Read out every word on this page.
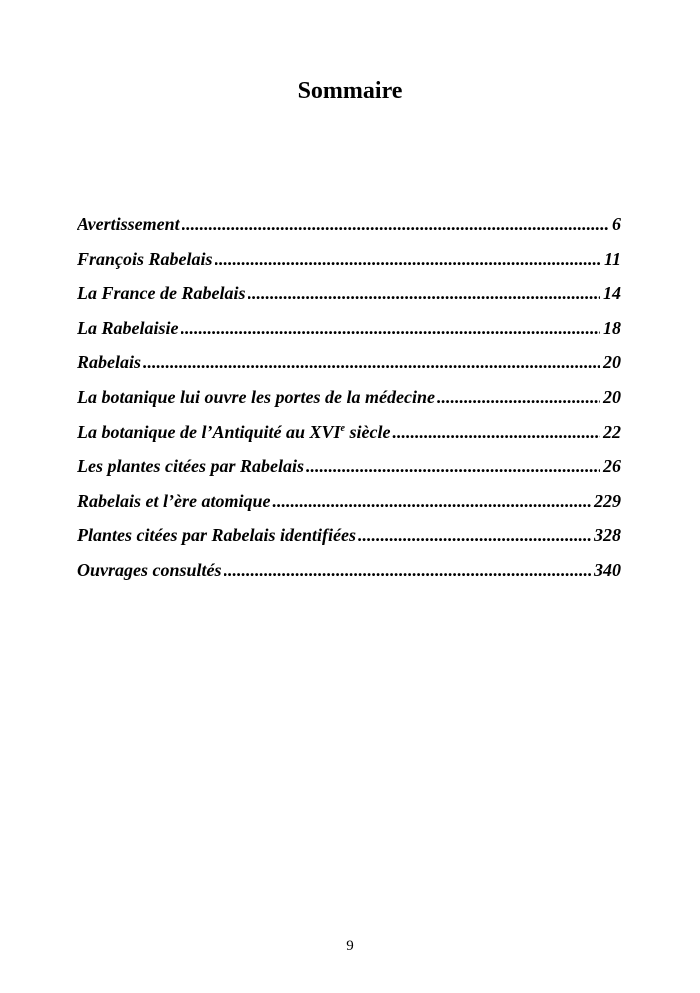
Sommaire
Avertissement .....	6
François Rabelais .....	11
La France de Rabelais .....	14
La Rabelaisie .....	18
Rabelais .....	20
La botanique lui ouvre les portes de la médecine .....	20
La botanique de l’Antiquité au XVIe siècle .....	22
Les plantes citées par Rabelais .....	26
Rabelais et l’ère atomique .....	229
Plantes citées par Rabelais identifiées .....	328
Ouvrages consultés .....	340

9
